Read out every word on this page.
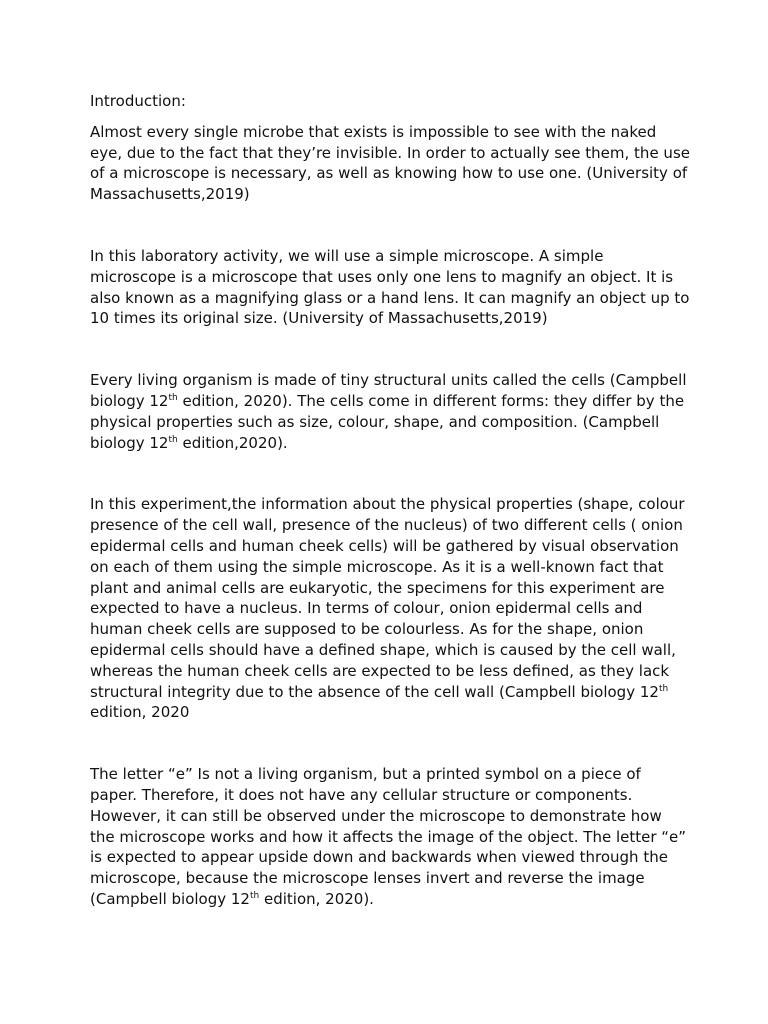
Introduction:

Almost every single microbe that exists is impossible to see with the naked eye, due to the fact that they’re invisible. In order to actually see them, the use of a microscope is necessary, as well as knowing how to use one. (University of Massachusetts,2019)

In this laboratory activity, we will use a simple microscope. A simple microscope is a microscope that uses only one lens to magnify an object. It is also known as a magnifying glass or a hand lens. It can magnify an object up to 10 times its original size. (University of Massachusetts,2019)

Every living organism is made of tiny structural units called the cells (Campbell biology 12th edition, 2020). The cells come in different forms: they differ by the physical properties such as size, colour, shape, and composition. (Campbell biology 12th edition,2020).

In this experiment,the information about the physical properties (shape, colour presence of the cell wall, presence of the nucleus) of two different cells ( onion epidermal cells and human cheek cells) will be gathered by visual observation on each of them using the simple microscope. As it is a well-known fact that plant and animal cells are eukaryotic, the specimens for this experiment are expected to have a nucleus. In terms of colour, onion epidermal cells and human cheek cells are supposed to be colourless. As for the shape, onion epidermal cells should have a defined shape, which is caused by the cell wall, whereas the human cheek cells are expected to be less defined, as they lack structural integrity due to the absence of the cell wall (Campbell biology 12th edition, 2020

The letter “e” Is not a living organism, but a printed symbol on a piece of paper. Therefore, it does not have any cellular structure or components. However, it can still be observed under the microscope to demonstrate how the microscope works and how it affects the image of the object. The letter “e” is expected to appear upside down and backwards when viewed through the microscope, because the microscope lenses invert and reverse the image (Campbell biology 12th edition, 2020).
